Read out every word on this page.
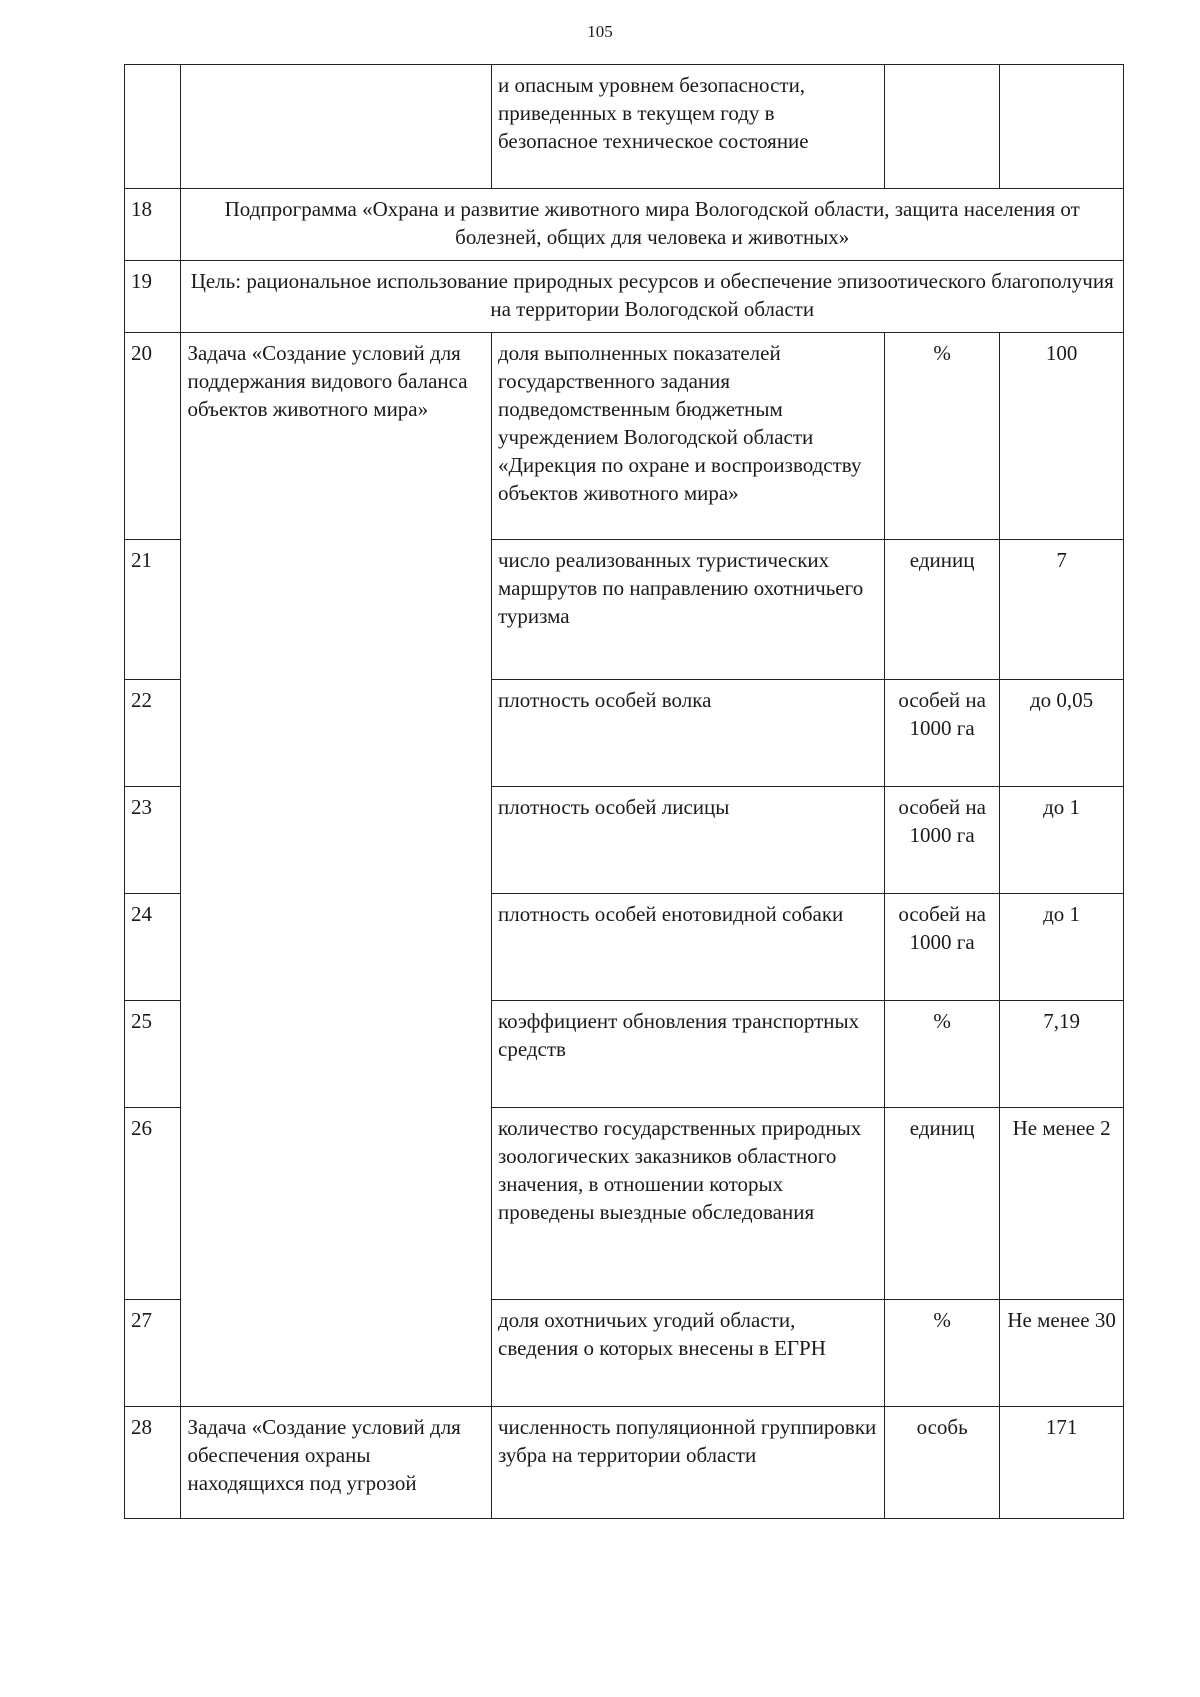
105
		и опасным уровнем безопасности, приведенных в текущем году в безопасное техническое состояние		
18	Подпрограмма «Охрана и развитие животного мира Вологодской области, защита населения от болезней, общих для человека и животных»			
19	Цель: рациональное использование природных ресурсов и обеспечение эпизоотического благополучия на территории Вологодской области			
20	Задача «Создание условий для поддержания видового баланса объектов животного мира»	доля выполненных показателей государственного задания подведомственным бюджетным учреждением Вологодской области «Дирекция по охране и воспроизводству объектов животного мира»	%	100
21		число реализованных туристических маршрутов по направлению охотничьего туризма	единиц	7
22		плотность особей волка	особей на 1000 га	до 0,05
23		плотность особей лисицы	особей на 1000 га	до 1
24		плотность особей енотовидной собаки	особей на 1000 га	до 1
25		коэффициент обновления транспортных средств	%	7,19
26		количество государственных природных зоологических заказников областного значения, в отношении которых проведены выездные обследования	единиц	Не менее 2
27		доля охотничьих угодий области, сведения о которых внесены в ЕГРН	%	Не менее 30
28	Задача «Создание условий для обеспечения охраны находящихся под угрозой	численность популяционной группировки зубра на территории области	особь	171
